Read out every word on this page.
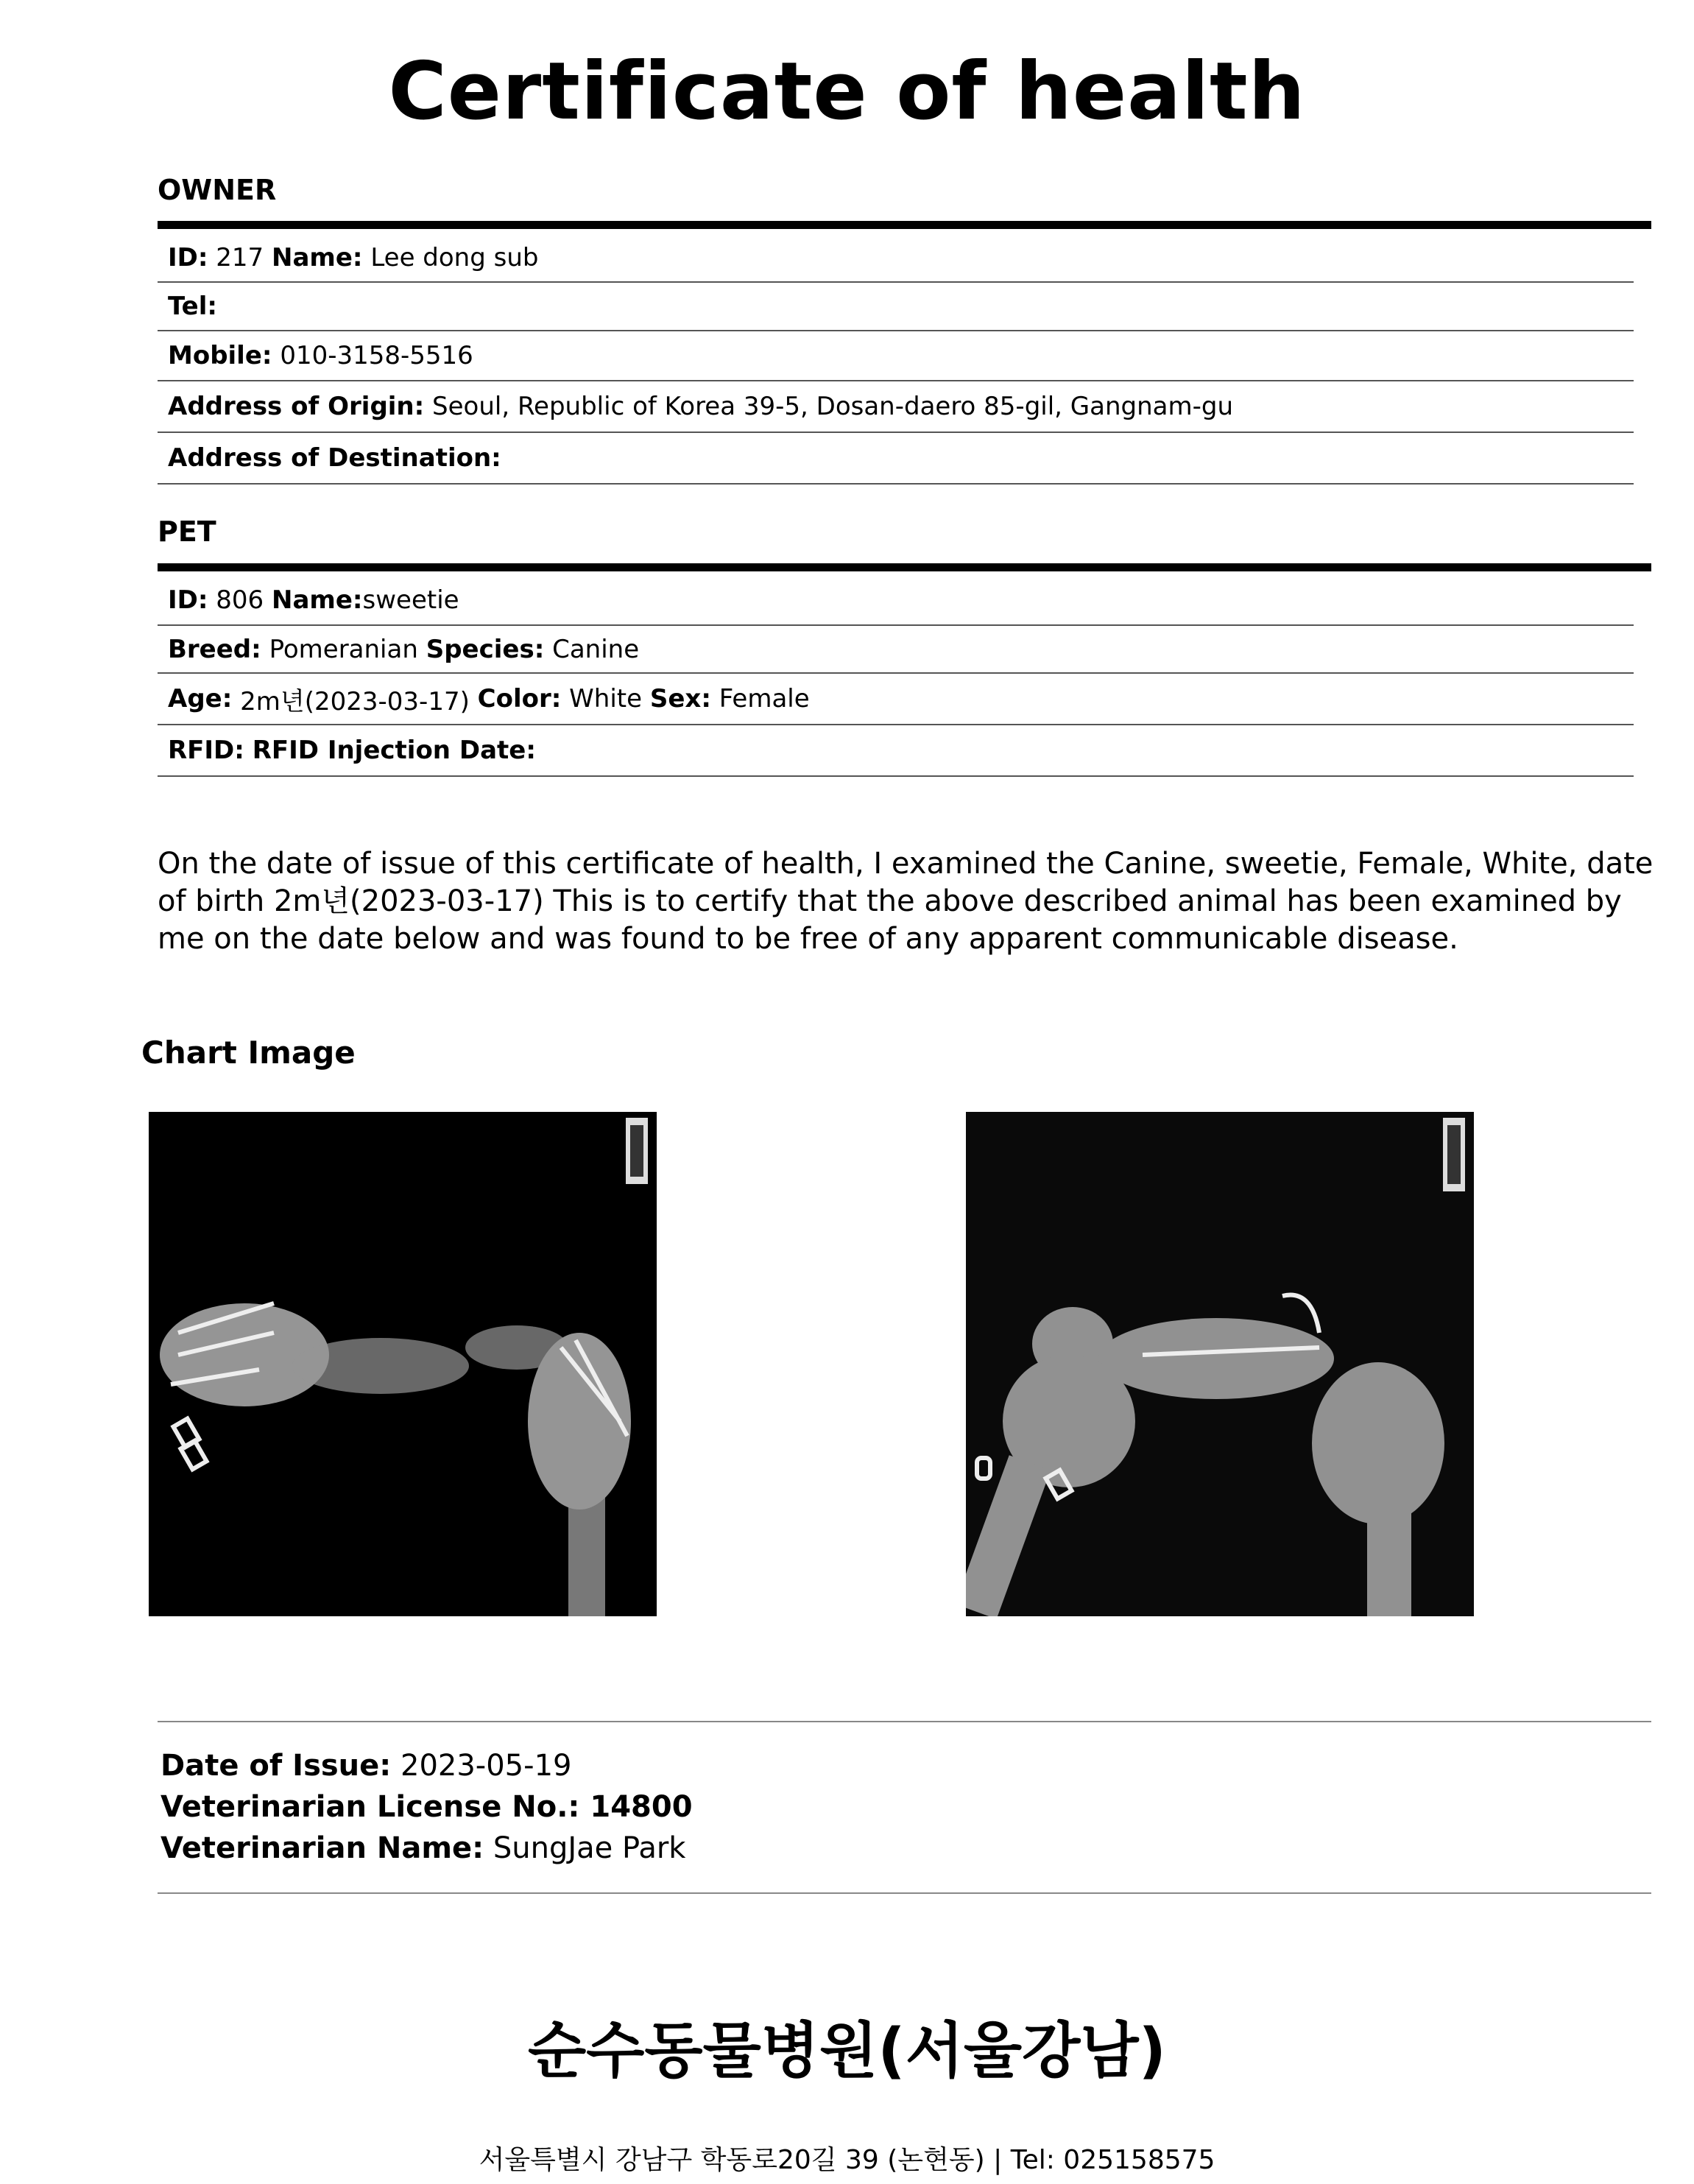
Certificate of health
OWNER
ID:
217
Name:
Lee dong sub
Tel:

Mobile:
010-3158-5516
Address of Origin:
Seoul, Republic of Korea 39-5, Dosan-daero 85-gil, Gangnam-gu
Address of Destination:

PET
ID:
806
Name: sweetie
Breed:
Pomeranian
Species:
Canine
Age:
2m년(2023-03-17)
Color:
White
Sex:
Female
RFID:
RFID Injection Date:

On the date of issue of this certificate of health, I examined the Canine, sweetie, Female, White, date of birth 2m년(2023-03-17) This is to certify that the above described animal has been examined by me on the date below and was found to be free of any apparent communicable disease.
Chart Image
Date of Issue: 2023-05-19
Veterinarian License No.: 14800
Veterinarian Name: SungJae Park
순수동물병원(서울강남)
서울특별시 강남구 학동로20길 39 (논현동) | Tel: 025158575
